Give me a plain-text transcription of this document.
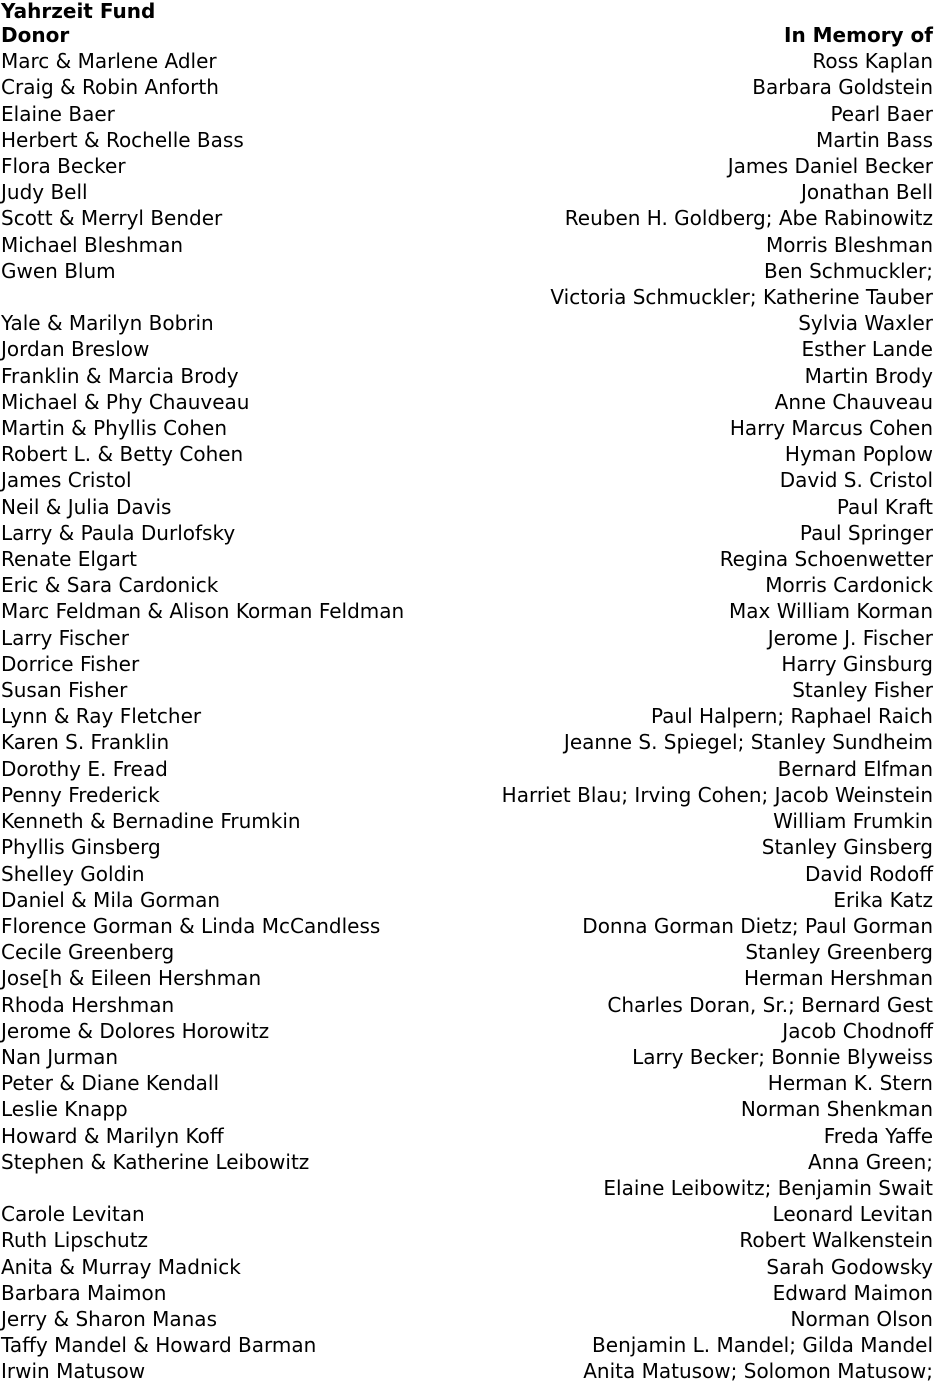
Yahrzeit Fund
Donor	In Memory of
Marc & Marlene Adler	Ross Kaplan
Craig & Robin Anforth	Barbara Goldstein
Elaine Baer	Pearl Baer
Herbert & Rochelle Bass	Martin Bass
Flora Becker	James Daniel Becker
Judy Bell	Jonathan Bell
Scott & Merryl Bender	Reuben H. Goldberg; Abe Rabinowitz
Michael Bleshman	Morris Bleshman
Gwen Blum	Ben Schmuckler;
Victoria Schmuckler; Katherine Tauber
Yale & Marilyn Bobrin	Sylvia Waxler
Jordan Breslow	Esther Lande
Franklin & Marcia Brody	Martin Brody
Michael & Phy Chauveau	Anne Chauveau
Martin & Phyllis Cohen	Harry Marcus Cohen
Robert L. & Betty Cohen	Hyman Poplow
James Cristol	David S. Cristol
Neil & Julia Davis	Paul Kraft
Larry & Paula Durlofsky	Paul Springer
Renate Elgart	Regina Schoenwetter
Eric & Sara Cardonick	Morris Cardonick
Marc Feldman & Alison Korman Feldman	Max William Korman
Larry Fischer	Jerome J. Fischer
Dorrice Fisher	Harry Ginsburg
Susan Fisher	Stanley Fisher
Lynn & Ray Fletcher	Paul Halpern; Raphael Raich
Karen S. Franklin	Jeanne S. Spiegel; Stanley Sundheim
Dorothy E. Fread	Bernard Elfman
Penny Frederick	Harriet Blau; Irving Cohen; Jacob Weinstein
Kenneth & Bernadine Frumkin	William Frumkin
Phyllis Ginsberg	Stanley Ginsberg
Shelley Goldin	David Rodoff
Daniel & Mila Gorman	Erika Katz
Florence Gorman & Linda McCandless	Donna Gorman Dietz; Paul Gorman
Cecile Greenberg	Stanley Greenberg
Jose[h & Eileen Hershman	Herman Hershman
Rhoda Hershman	Charles Doran, Sr.; Bernard Gest
Jerome & Dolores Horowitz	Jacob Chodnoff
Nan Jurman	Larry Becker; Bonnie Blyweiss
Peter & Diane Kendall	Herman K. Stern
Leslie Knapp	Norman Shenkman
Howard & Marilyn Koff	Freda Yaffe
Stephen & Katherine Leibowitz	Anna Green;
Elaine Leibowitz; Benjamin Swait
Carole Levitan	Leonard Levitan
Ruth Lipschutz	Robert Walkenstein
Anita & Murray Madnick	Sarah Godowsky
Barbara Maimon	Edward Maimon
Jerry & Sharon Manas	Norman Olson
Taffy Mandel & Howard Barman	Benjamin L. Mandel; Gilda Mandel
Irwin Matusow	Anita Matusow; Solomon Matusow;
